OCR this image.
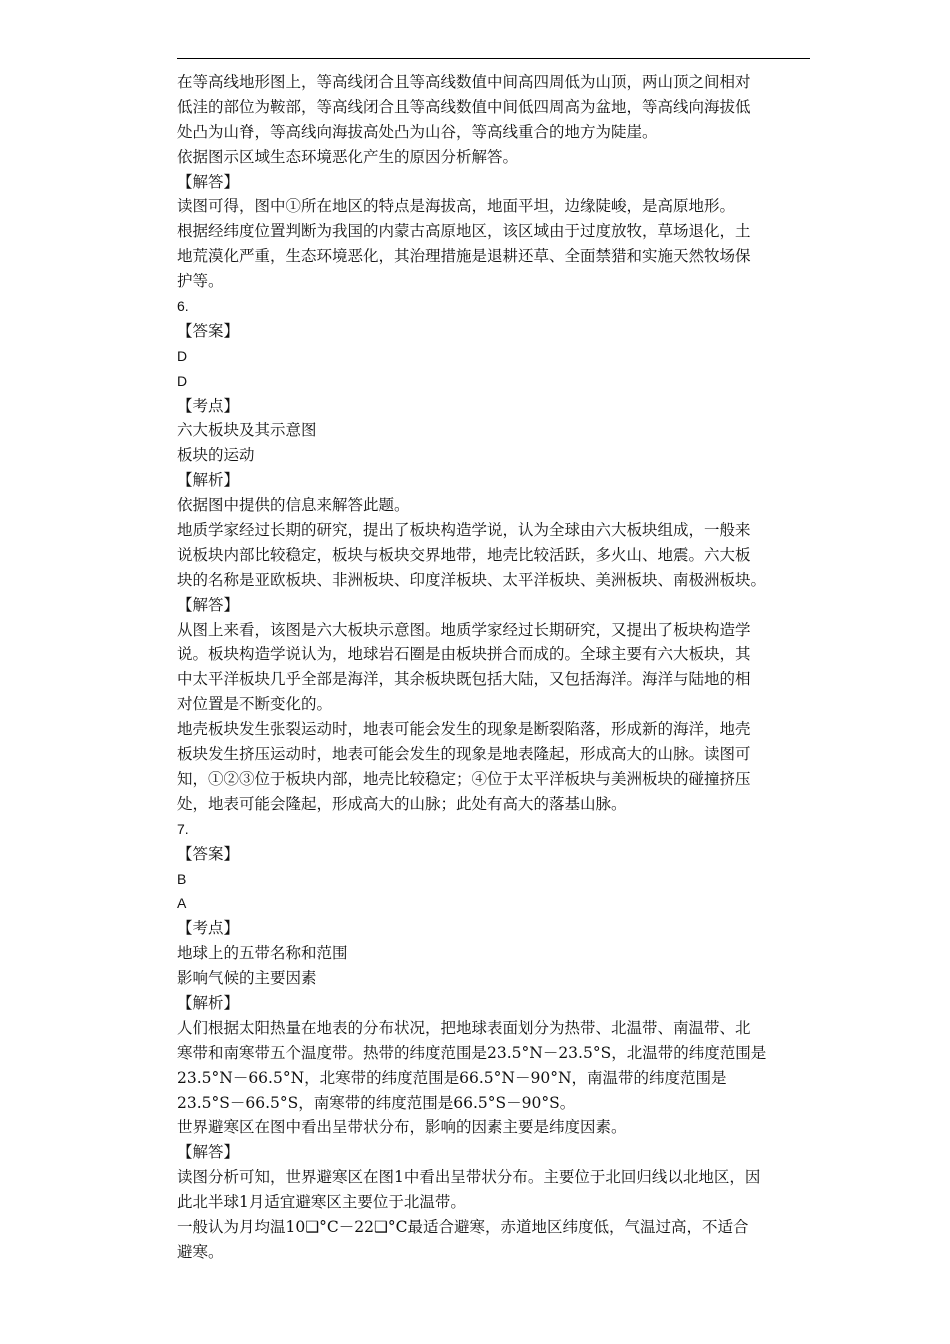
在等高线地形图上，等高线闭合且等高线数值中间高四周低为山顶，两山顶之间相对
低洼的部位为鞍部，等高线闭合且等高线数值中间低四周高为盆地，等高线向海拔低
处凸为山脊，等高线向海拔高处凸为山谷，等高线重合的地方为陡崖。
依据图示区域生态环境恶化产生的原因分析解答。
【解答】
读图可得，图中①所在地区的特点是海拔高，地面平坦，边缘陡峻，是高原地形。
根据经纬度位置判断为我国的内蒙古高原地区，该区域由于过度放牧，草场退化，土
地荒漠化严重，生态环境恶化，其治理措施是退耕还草、全面禁猎和实施天然牧场保
护等。
6.
【答案】
D
D
【考点】
六大板块及其示意图
板块的运动
【解析】
依据图中提供的信息来解答此题。
地质学家经过长期的研究，提出了板块构造学说，认为全球由六大板块组成，一般来
说板块内部比较稳定，板块与板块交界地带，地壳比较活跃，多火山、地震。六大板
块的名称是亚欧板块、非洲板块、印度洋板块、太平洋板块、美洲板块、南极洲板块。
【解答】
从图上来看，该图是六大板块示意图。地质学家经过长期研究，又提出了板块构造学
说。板块构造学说认为，地球岩石圈是由板块拼合而成的。全球主要有六大板块，其
中太平洋板块几乎全部是海洋，其余板块既包括大陆，又包括海洋。海洋与陆地的相
对位置是不断变化的。
地壳板块发生张裂运动时，地表可能会发生的现象是断裂陷落，形成新的海洋，地壳
板块发生挤压运动时，地表可能会发生的现象是地表隆起，形成高大的山脉。读图可
知，①②③位于板块内部，地壳比较稳定；④位于太平洋板块与美洲板块的碰撞挤压
处，地表可能会隆起，形成高大的山脉；此处有高大的落基山脉。
7.
【答案】
B
A
【考点】
地球上的五带名称和范围
影响气候的主要因素
【解析】
人们根据太阳热量在地表的分布状况，把地球表面划分为热带、北温带、南温带、北
寒带和南寒带五个温度带。热带的纬度范围是23.5°N－23.5°S，北温带的纬度范围是
23.5°N－66.5°N，北寒带的纬度范围是66.5°N－90°N，南温带的纬度范围是
23.5°S－66.5°S，南寒带的纬度范围是66.5°S－90°S。
世界避寒区在图中看出呈带状分布，影响的因素主要是纬度因素。
【解答】
读图分析可知，世界避寒区在图1中看出呈带状分布。主要位于北回归线以北地区，因
此北半球1月适宜避寒区主要位于北温带。
一般认为月均温10❑°C－22❑°C最适合避寒，赤道地区纬度低，气温过高，不适合
避寒。
